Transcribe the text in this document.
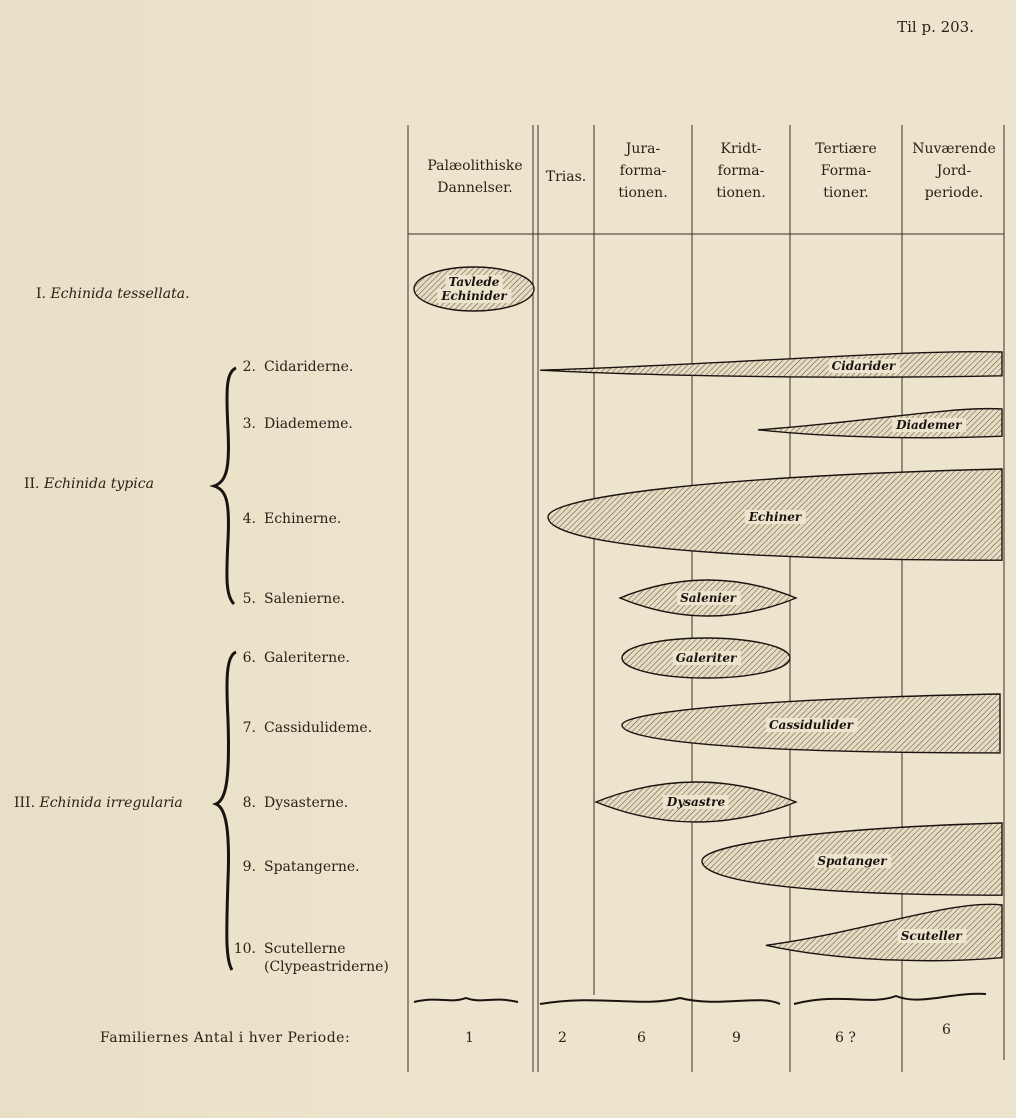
Til p. 203.
Palæolithiske
Dannelser.
Trias.
Jura-
forma-
tionen.
Kridt-
forma-
tionen.
Tertiære
Forma-
tioner.
Nuværende
Jord-
periode.
I. Echinida tessellata.
II. Echinida typica
III. Echinida irregularia
2. Cidariderne.
3. Diadememe.
4. Echinerne.
5. Salenierne.
6. Galeriterne.
7. Cassidulideme.
8. Dysasterne.
9. Spatangerne.
10. Scutellerne
(Clypeastriderne)
Familiernes Antal i hver Periode:	1	2	6	9	6 ?	6
Tavlede
Echinider
Cidarider
Diademer
Echiner
Salenier
Galeriter
Cassidulider
Dysastre
Spatanger
Scuteller
